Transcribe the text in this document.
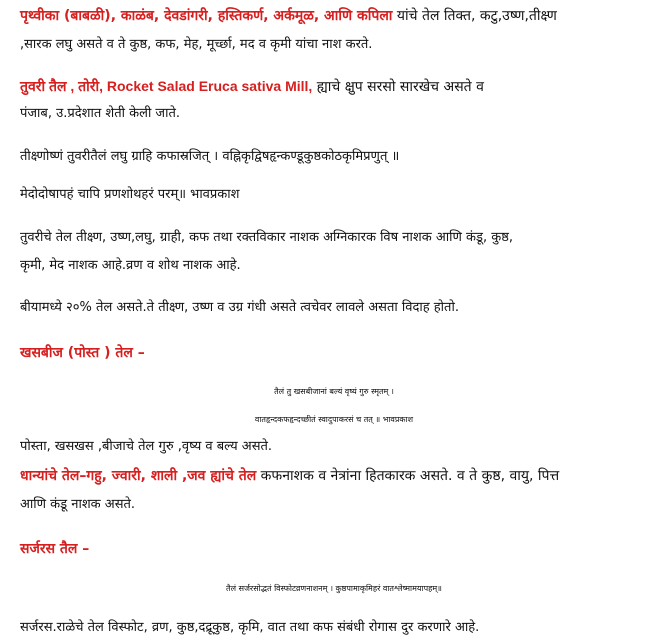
पृथ्वीका (बाबळी), काळंब, देवडांगरी, हस्तिकर्ण, अर्कमूळ, आणि कपिला यांचे तेल तिक्त, कटु,उष्ण,तीक्ष्ण
,सारक लघु असते व ते कुष्ठ, कफ, मेह, मूर्च्छा, मद व कृमी यांचा नाश करते.
तुवरी तैल , तोरी, Rocket Salad Eruca sativa Mill, ह्याचे क्षुप सरसो सारखेच असते व
पंजाब, उ.प्रदेशात शेती केली जाते.
तीक्ष्णोष्णं तुवरीतैलं लघु ग्राहि कफास्रजित् । वह्निकृद्विषहृन्कण्डूकुष्ठकोठकृमिप्रणुत् ॥
मेदोदोषापहं चापि प्रणशोथहरं परम्॥ भावप्रकाश
तुवरीचे तेल तीक्ष्ण, उष्ण,लघु, ग्राही, कफ तथा रक्तविकार नाशक अग्निकारक विष नाशक आणि कंडू, कुष्ठ,
कृमी, मेद नाशक आहे.व्रण व शोथ नाशक आहे.
बीयामध्ये २०% तेल असते.ते तीक्ष्ण, उष्ण व उग्र गंधी असते त्वचेवर लावले असता विदाह होतो.
खसबीज (पोस्त ) तेल –
तैलं तु खसबीजानां बल्यं वृष्यं गुरु स्मृतम् ।
वातहृन्दकफहृन्दच्छीतं स्वादुपाकरसं च तत् ॥ भावप्रकाश
पोस्ता, खसखस ,बीजाचे तेल गुरु ,वृष्य व बल्य असते.
धान्यांचे तेल–गहु, ज्वारी, शाली ,जव ह्यांचे तेल कफनाशक व नेत्रांना हितकारक असते. व ते कुष्ठ, वायु, पित्त
आणि कंडू नाशक असते.
सर्जरस तैल –
तैलं सर्जरसोद्भतं विस्फोटव्रणनाशनम् । कुष्ठपामाकृमिहरं वातश्लेष्मामयापहम्॥
सर्जरस.राळेचे तेल विस्फोट, व्रण, कुष्ठ,दद्रूकुष्ठ, कृमि, वात तथा कफ संबंधी रोगास दुर करणारे आहे.
